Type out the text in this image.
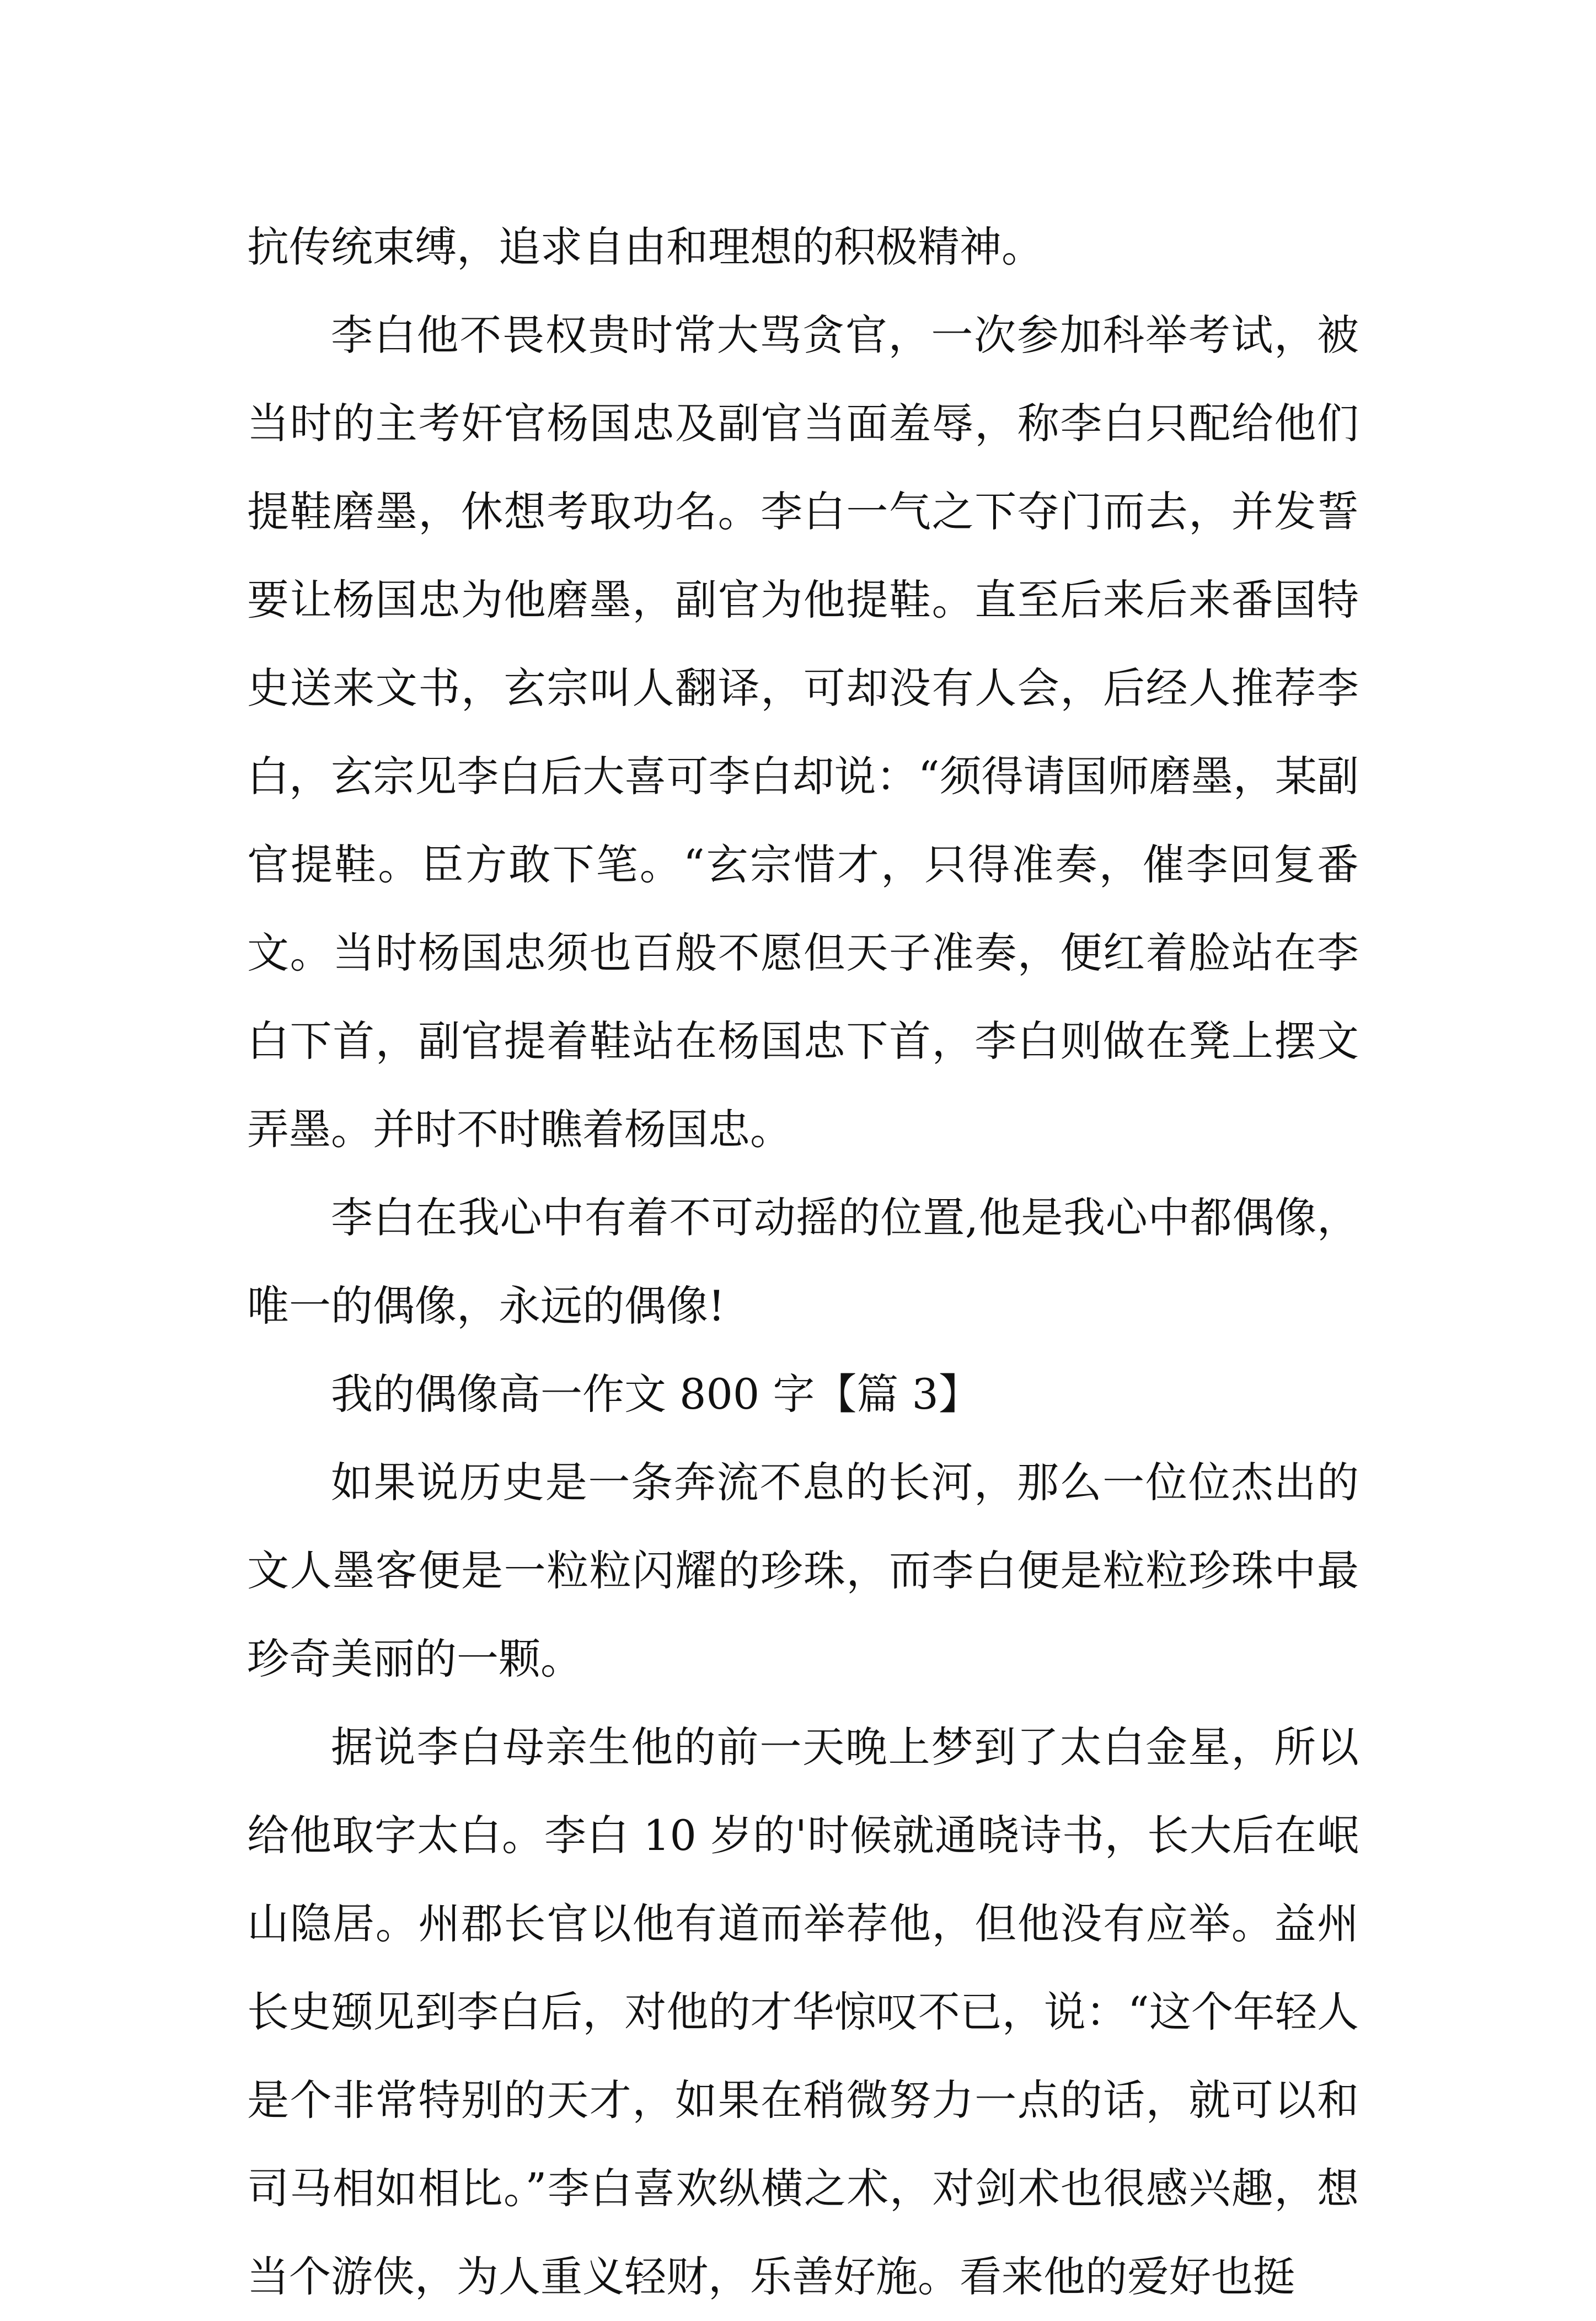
抗传统束缚，追求自由和理想的积极精神。

李白他不畏权贵时常大骂贪官，一次参加科举考试，被当时的主考奸官杨国忠及副官当面羞辱，称李白只配给他们提鞋磨墨，休想考取功名。李白一气之下夺门而去，并发誓要让杨国忠为他磨墨，副官为他提鞋。直至后来后来番国特史送来文书，玄宗叫人翻译，可却没有人会，后经人推荐李白，玄宗见李白后大喜可李白却说：“须得请国师磨墨，某副官提鞋。臣方敢下笔。“玄宗惜才，只得准奏，催李回复番文。当时杨国忠须也百般不愿但天子准奏，便红着脸站在李白下首，副官提着鞋站在杨国忠下首，李白则做在凳上摆文弄墨。并时不时瞧着杨国忠。

李白在我心中有着不可动摇的位置,他是我心中都偶像，唯一的偶像，永远的偶像!

我的偶像高一作文 800 字【篇 3】

如果说历史是一条奔流不息的长河，那么一位位杰出的文人墨客便是一粒粒闪耀的珍珠，而李白便是粒粒珍珠中最珍奇美丽的一颗。

据说李白母亲生他的前一天晚上梦到了太白金星，所以给他取字太白。李白 10 岁的'时候就通晓诗书，长大后在岷山隐居。州郡长官以他有道而举荐他，但他没有应举。益州长史颋见到李白后，对他的才华惊叹不已，说：“这个年轻人是个非常特别的天才，如果在稍微努力一点的话，就可以和司马相如相比。”李白喜欢纵横之术，对剑术也很感兴趣，想当个游侠，为人重义轻财，乐善好施。看来他的爱好也挺
